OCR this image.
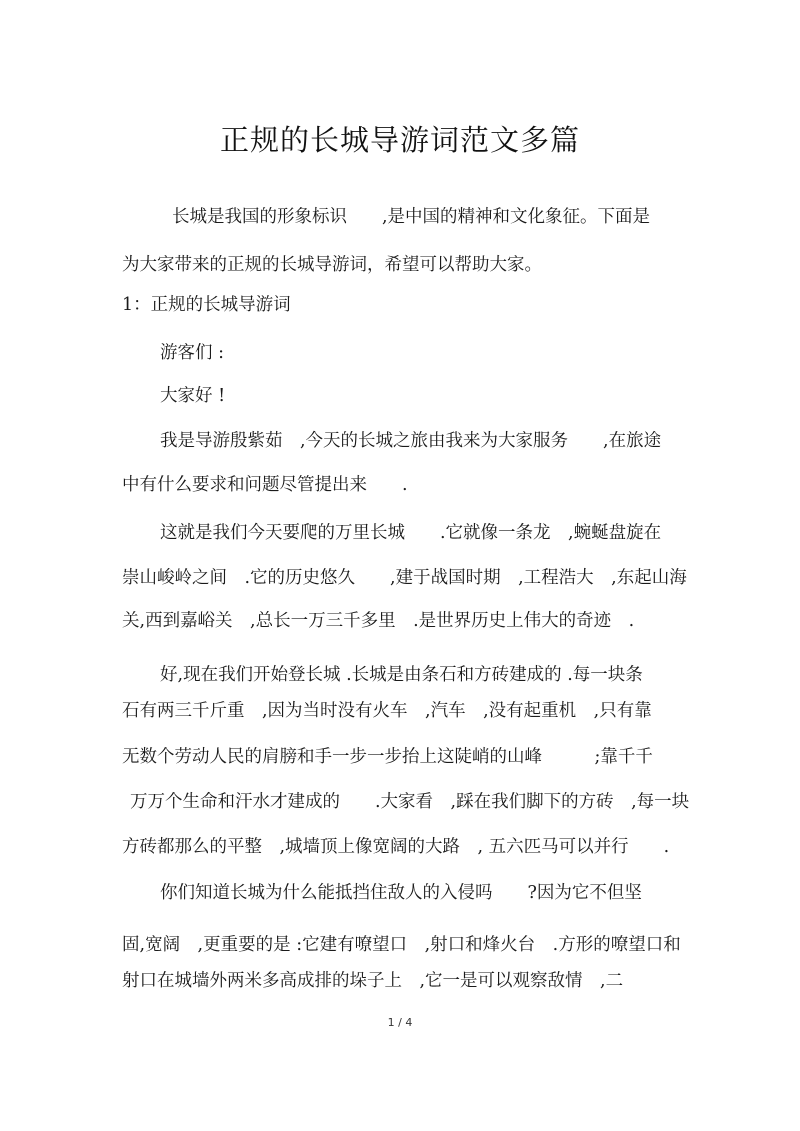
正规的长城导游词范文多篇
长城是我国的形象标识　　,是中国的精神和文化象征。下面是
为大家带来的正规的长城导游词，希望可以帮助大家。
1：正规的长城导游词
游客们 :
大家好 !
我是导游殷紫茹　,今天的长城之旅由我来为大家服务　　,在旅途
中有什么要求和问题尽管提出来　　.
这就是我们今天要爬的万里长城　　.它就像一条龙　,蜿蜒盘旋在
崇山峻岭之间　.它的历史悠久　　,建于战国时期　,工程浩大　,东起山海
关,西到嘉峪关　,总长一万三千多里　.是世界历史上伟大的奇迹　.
好,现在我们开始登长城 .长城是由条石和方砖建成的 .每一块条
石有两三千斤重　,因为当时没有火车　,汽车　,没有起重机　,只有靠
无数个劳动人民的肩膀和手一步一步抬上这陡峭的山峰　　　;靠千千
万万个生命和汗水才建成的　　.大家看　,踩在我们脚下的方砖　,每一块
方砖都那么的平整　,城墙顶上像宽阔的大路　, 五六匹马可以并行　　.
你们知道长城为什么能抵挡住敌人的入侵吗　　?因为它不但坚
固,宽阔　,更重要的是 :它建有嘹望口　,射口和烽火台　.方形的嘹望口和
射口在城墙外两米多高成排的垛子上　,它一是可以观察敌情　,二
1 / 4
